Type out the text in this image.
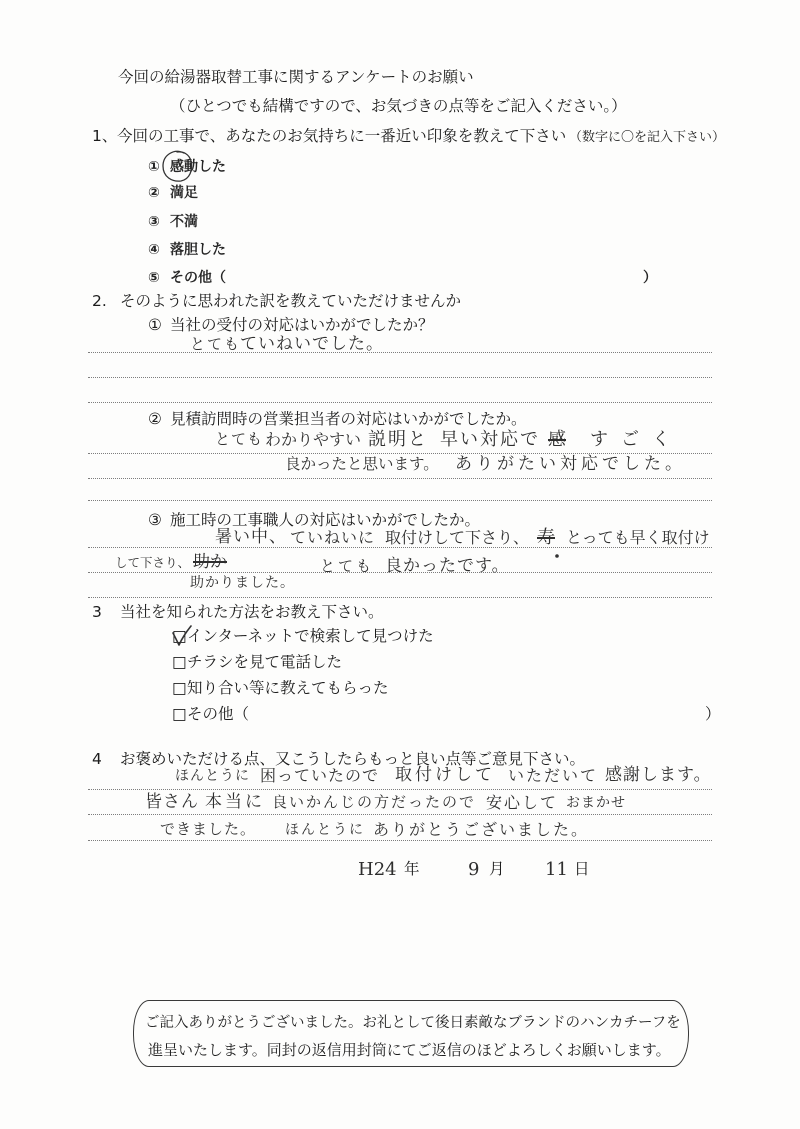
今回の給湯器取替工事に関するアンケートのお願い
（ひとつでも結構ですので、お気づきの点等をご記入ください。）
1、 今回の工事で、あなたのお気持ちに一番近い印象を教えて下さい （数字に〇を記入下さい）
① 感動した
② 満足
③ 不満
④ 落胆した
⑤ その他（	）
2. そのように思われた訳を教えていただけませんか
① 当社の受付の対応はいかがでしたか？
とても
ていねいでした。
② 見積訪問時の営業担当者の対応はいかがでしたか。
とても わかりやすい 説明と 早い対応で 感 すごく
良かったと思います。 ありがたい対応でした。
③ 施工時の工事職人の対応はいかがでしたか。
暑い中、 ていねいに 取付けして下さり、 寿 とっても早く取付け
して下さり、 助か	とても 良かったです。
助かりました。
3 当社を知られた方法をお教え下さい。
□ インターネットで検索して見つけた
□ チラシを見て電話した
□ 知り合い等に教えてもらった
□ その他（	）
4 お褒めいただける点、又こうしたらもっと良い点等ご意見下さい。
ほんとうに 困っていたので 取付けして いただいて 感謝します。
皆さん 本当に 良いかんじの方だったので 安心して おまかせ
できました。 ほんとうに ありがとうございました。
H24 年	9 月 11 日
ご記入ありがとうございました。お礼として後日素敵なブランドのハンカチーフを
進呈いたします。同封の返信用封筒にてご返信のほどよろしくお願いします。
